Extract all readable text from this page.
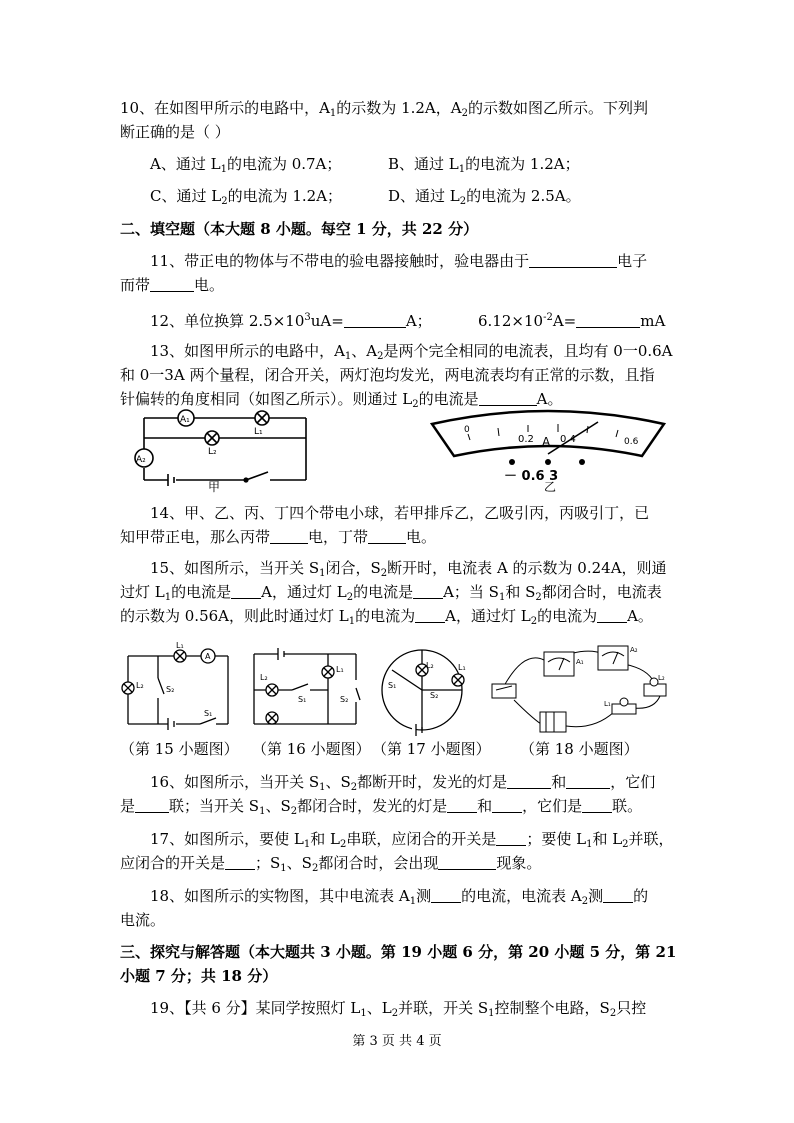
10、在如图甲所示的电路中，$A_1$的示数为 1.2A，$A_2$的示数如图乙所示。下列判
断正确的是（ ）
A、通过 $L_1$的电流为 0.7A；	B、通过 $L_1$的电流为 1.2A；
C、通过 $L_2$的电流为 1.2A；	D、通过 $L_2$的电流为 2.5A。
二、填空题（本大题 8 小题。每空 1 分，共 22 分）
11、带正电的物体与不带电的验电器接触时，验电器由于	电子
而带	电。
12、单位换算 $2.5\times 10^3uA=$	A；	$6.12\times 10^{-2}A=$	mA
13、如图甲所示的电路中，$A_1$、$A_2$是两个完全相同的电流表，且均有 0一0.6A
和 0一3A 两个量程，闭合开关，两灯泡均发光，两电流表均有正常的示数，且指
针偏转的角度相同（如图乙所示）。则通过 $L_2$的电流是	A。
A₁
A₂
L₁
L₂
甲
0
0.2 A 0.4	0.6
－ 0.6 3
乙
14、甲、乙、丙、丁四个带电小球，若甲排斥乙，乙吸引丙，丙吸引丁，已
知甲带正电，那么丙带	电，丁带	电。
15、如图所示，当开关 $S_1$闭合，$S_2$断开时，电流表 A 的示数为 0.24A，则通
过灯 $L_1$的电流是 A，通过灯 $L_2$的电流是 A；当 $S_1$和 $S_2$都闭合时，电流表
的示数为 0.56A，则此时通过灯 $L_1$的电流为 A，通过灯 $L_2$的电流为 A。
L₁
A
L₂	S₂
S₁
L₁
L₂
S₁	S₂
L₂	L₁
S₁
S₂
A₁
A₂
L₁
L₂
（第 15 小题图） （第 16 小题图） （第 17 小题图） （第 18 小题图）
16、如图所示，当开关 $S_1$、$S_2$都断开时，发光的灯是	和	，它们
是 联；当开关 $S_1$、$S_2$都闭合时，发光的灯是 和 ，它们是 联。
17、如图所示，要使 $L_1$和 $L_2$串联，应闭合的开关是 ；要使 $L_1$和 $L_2$并联，
应闭合的开关是 ；$S_1$、$S_2$都闭合时，会出现	现象。
18、如图所示的实物图，其中电流表 $A_1$测 的电流，电流表 $A_2$测 的
电流。
三、探究与解答题（本大题共 3 小题。第 19 小题 6 分，第 20 小题 5 分，第 21
小题 7 分；共 18 分）
19、【共 6 分】某同学按照灯 $L_1$、$L_2$并联，开关 $S_1$控制整个电路，$S_2$只控
第 3 页 共 4 页
